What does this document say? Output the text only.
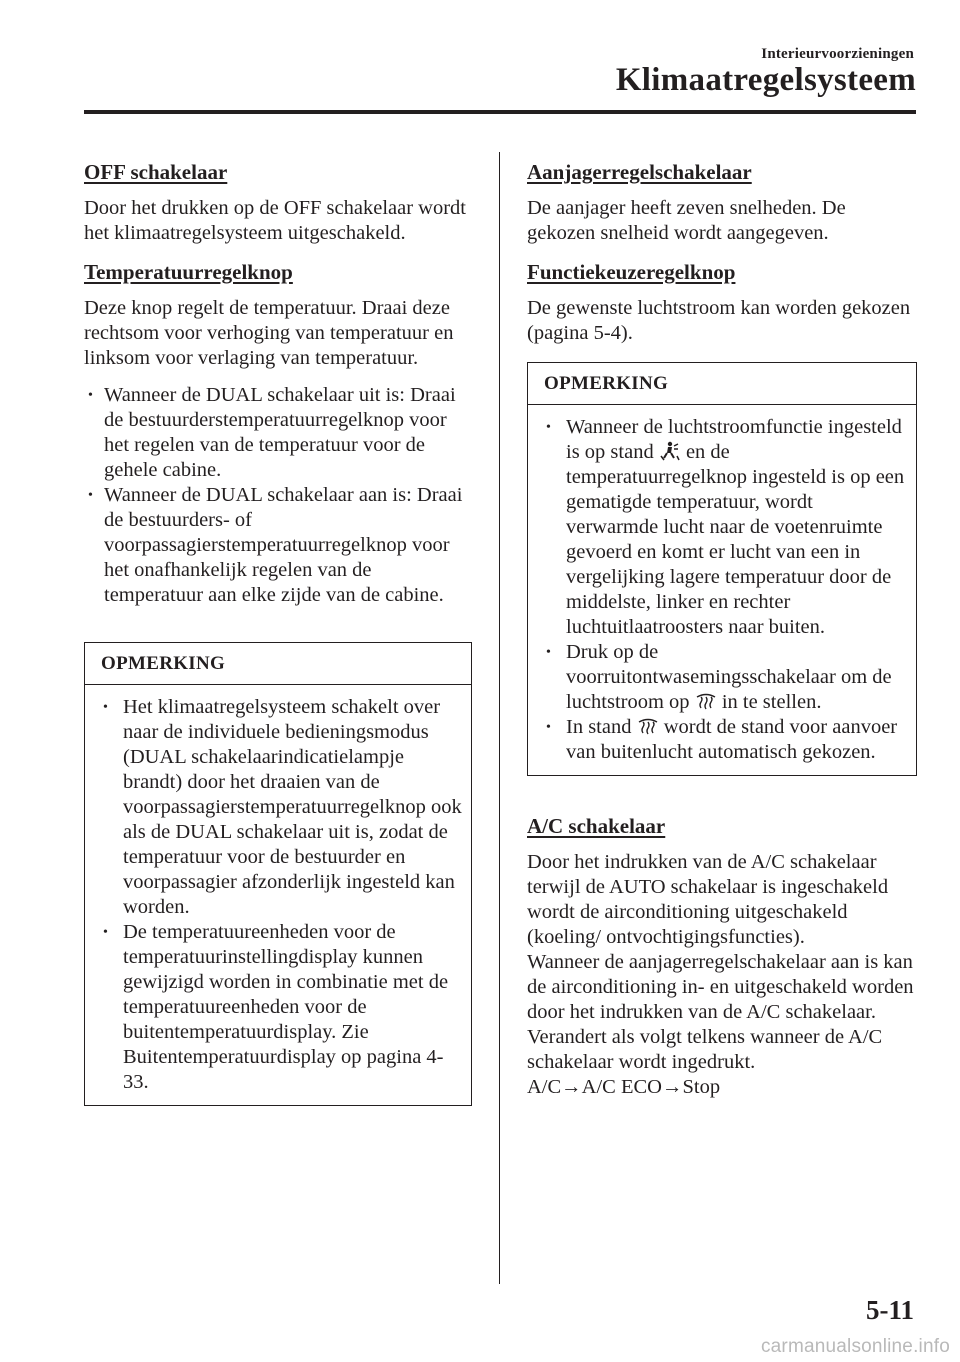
Interieurvoorzieningen
Klimaatregelsysteem
OFF schakelaar

Door het drukken op de OFF schakelaar wordt het klimaatregelsysteem uitgeschakeld.

Temperatuurregelknop

Deze knop regelt de temperatuur. Draai deze rechtsom voor verhoging van temperatuur en linksom voor verlaging van temperatuur.

• Wanneer de DUAL schakelaar uit is: Draai de bestuurderstemperatuurregelknop voor het regelen van de temperatuur voor de gehele cabine.
• Wanneer de DUAL schakelaar aan is: Draai de bestuurders- of voorpassagierstemperatuurregelknop voor het onafhankelijk regelen van de temperatuur aan elke zijde van de cabine.
OPMERKING
• Het klimaatregelsysteem schakelt over naar de individuele bedieningsmodus (DUAL schakelaarindicatielampje brandt) door het draaien van de voorpassagierstemperatuurregelknop ook als de DUAL schakelaar uit is, zodat de temperatuur voor de bestuurder en voorpassagier afzonderlijk ingesteld kan worden.
• De temperatuureenheden voor de temperatuurinstellingdisplay kunnen gewijzigd worden in combinatie met de temperatuureenheden voor de buitentemperatuurdisplay. Zie Buitentemperatuurdisplay op pagina 4-33.
Aanjagerregelschakelaar

De aanjager heeft zeven snelheden. De gekozen snelheid wordt aangegeven.

Functiekeuzeregelknop

De gewenste luchtstroom kan worden gekozen (pagina 5-4).

OPMERKING
• Wanneer de luchtstroomfunctie ingesteld is op stand en de temperatuurregelknop ingesteld is op een gematigde temperatuur, wordt verwarmde lucht naar de voetenruimte gevoerd en komt er lucht van een in vergelijking lagere temperatuur door de middelste, linker en rechter luchtuitlaatroosters naar buiten.
• Druk op de voorruitontwasemingsschakelaar om de luchtstroom op in te stellen.
• In stand wordt de stand voor aanvoer van buitenlucht automatisch gekozen.
A/C schakelaar
Door het indrukken van de A/C schakelaar terwijl de AUTO schakelaar is ingeschakeld wordt de airconditioning uitgeschakeld (koeling/ ontvochtigingsfuncties).
Wanneer de aanjagerregelschakelaar aan is kan de airconditioning in- en uitgeschakeld worden door het indrukken van de A/C schakelaar.
Verandert als volgt telkens wanneer de A/C schakelaar wordt ingedrukt.
A/C→A/C ECO→Stop
5-11
carmanualsonline.info
